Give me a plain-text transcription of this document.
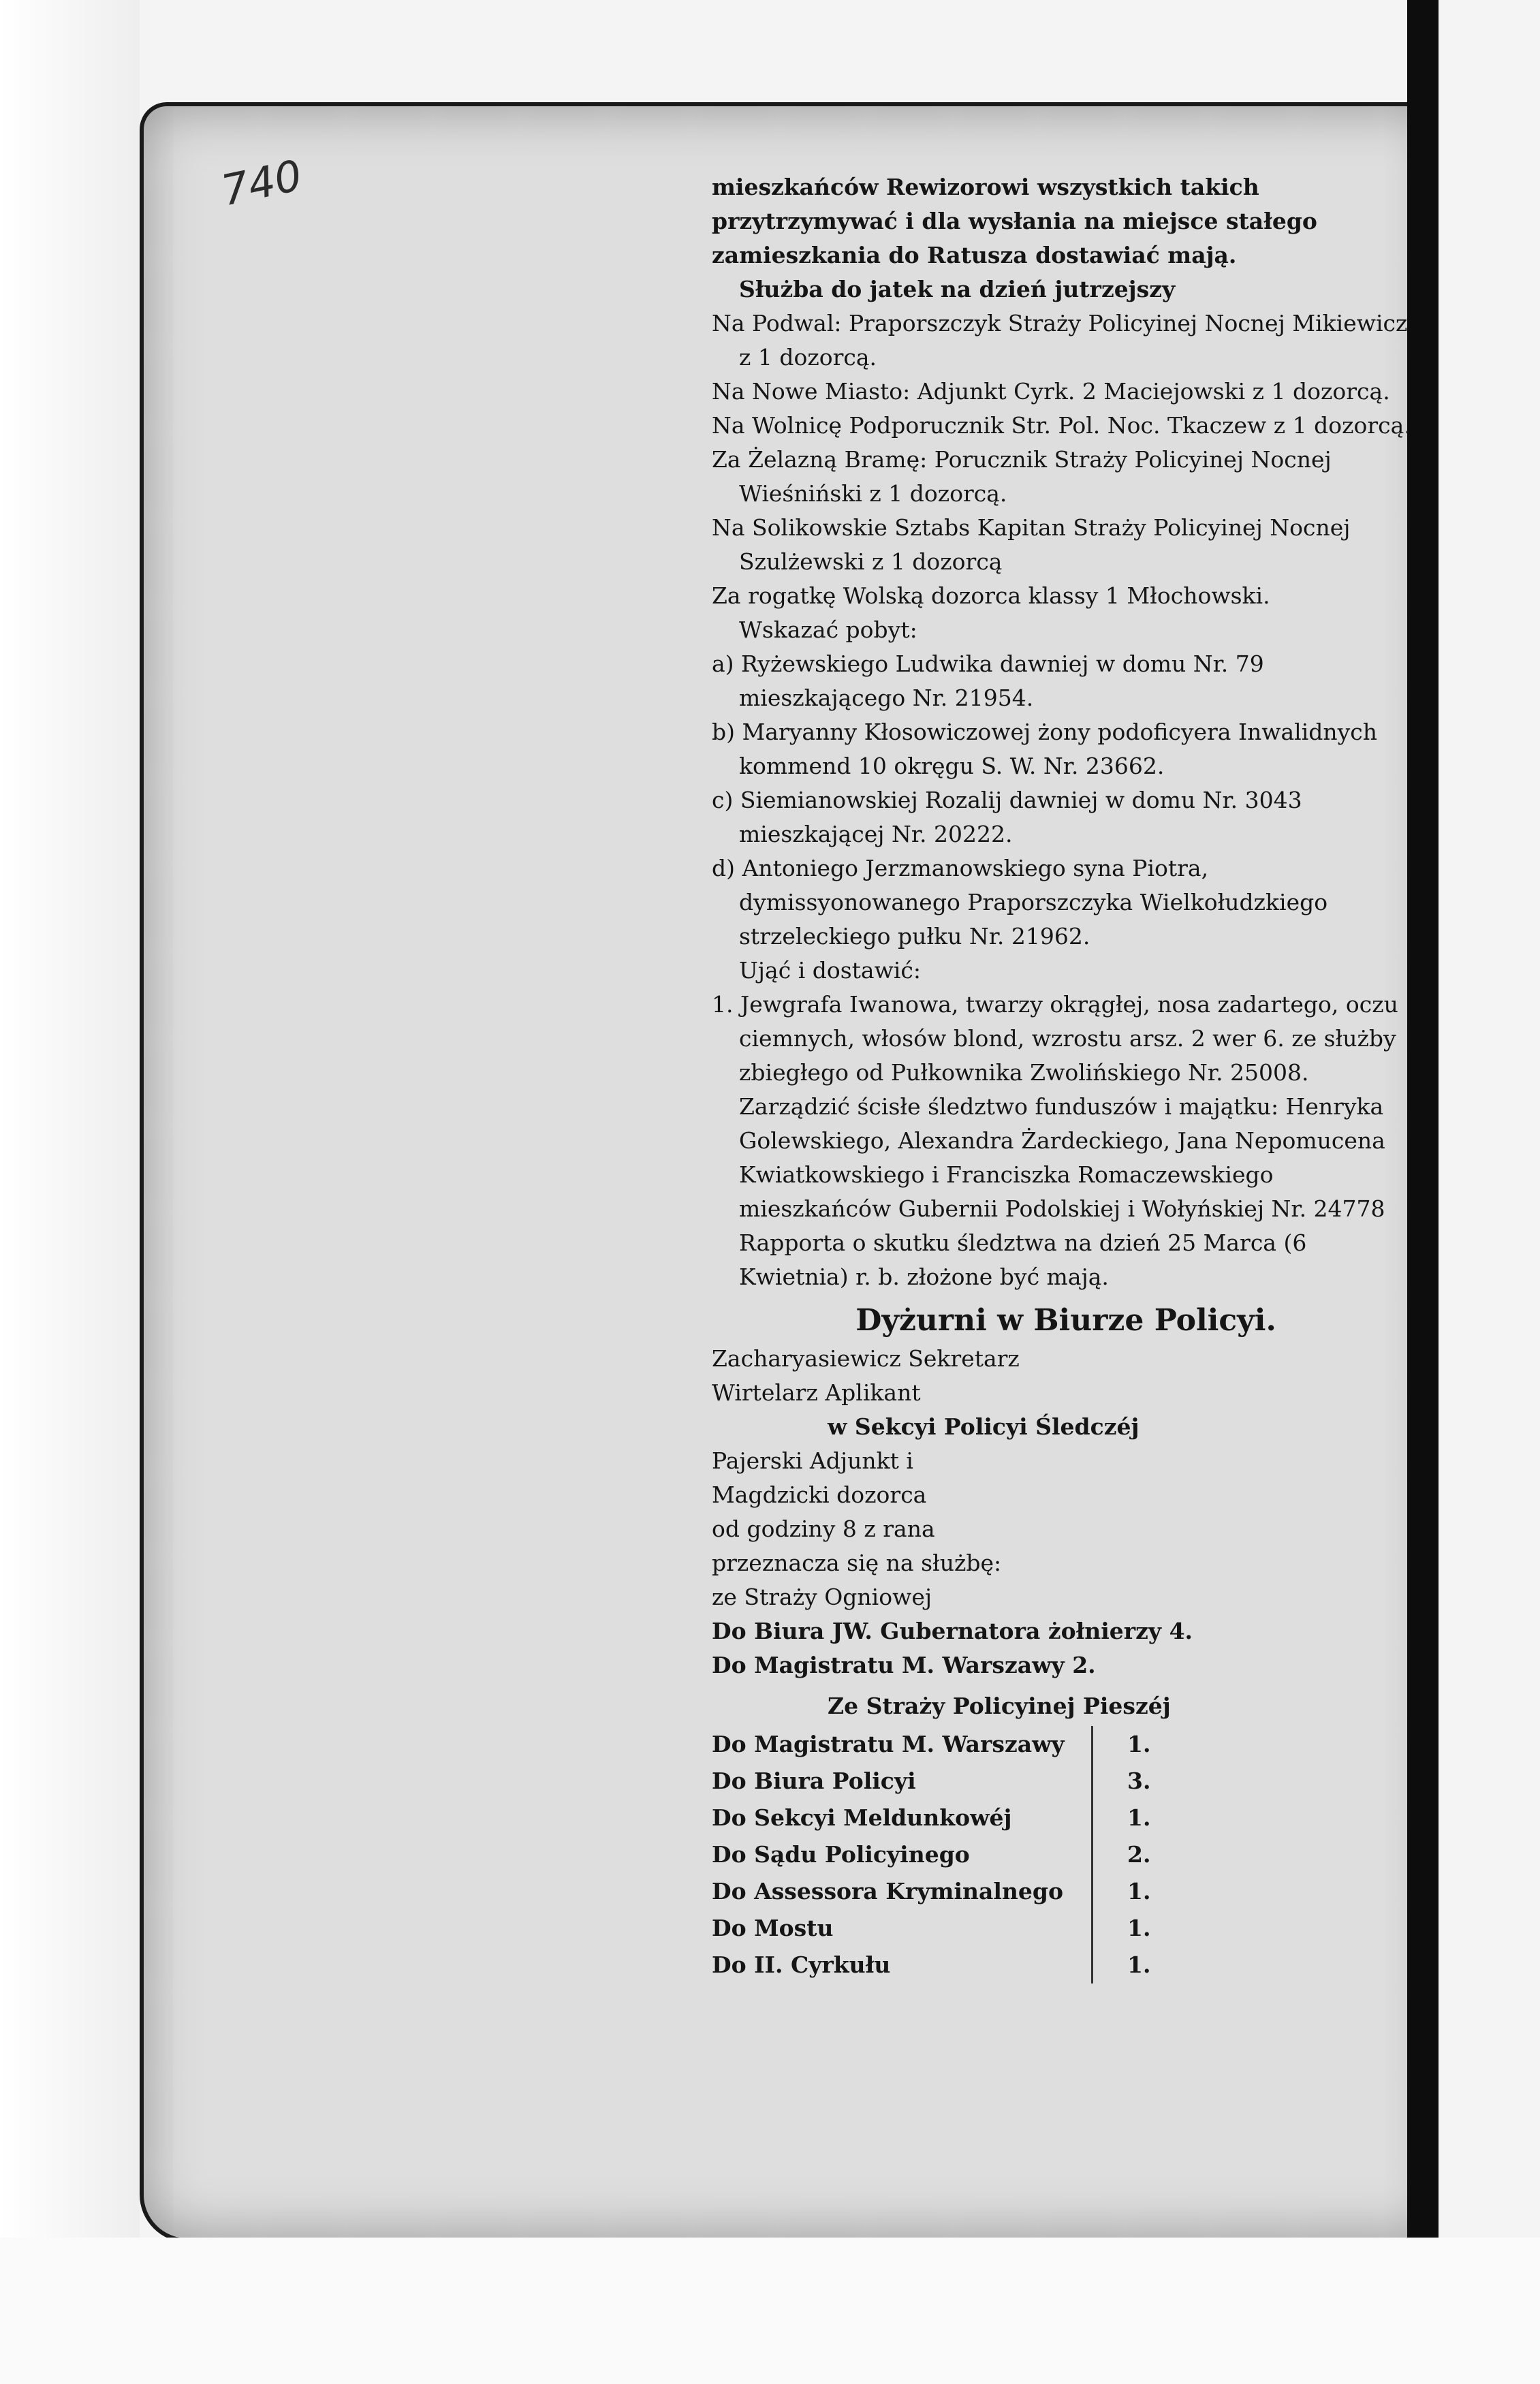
740	mieszkańców Rewizorowi wszystkich takich przytrzymywać i dla wysłania na miejsce stałego zamieszkania do Ratusza dostawiać mają.

Służba do jatek na dzień jutrzejszy

Na Podwal: Praporszczyk Straży Policyinej Nocnej Mikiewicz z 1 dozorcą.

Na Nowe Miasto: Adjunkt Cyrk. 2 Maciejowski z 1 dozorcą.

Na Wolnicę Podporucznik Str. Pol. Noc. Tkaczew z 1 dozorcą.

Za Żelazną Bramę: Porucznik Straży Policyinej Nocnej Wieśniński z 1 dozorcą.

Na Solikowskie Sztabs Kapitan Straży Policyinej Nocnej Szulżewski z 1 dozorcą

Za rogatkę Wolską dozorca klassy 1 Młochowski.

Wskazać pobyt:

a) Ryżewskiego Ludwika dawniej w domu Nr. 79 mieszkającego Nr. 21954.

b) Maryanny Kłosowiczowej żony podoficyera Inwalidnych kommend 10 okręgu S. W. Nr. 23662.

c) Siemianowskiej Rozalij dawniej w domu Nr. 3043 mieszkającej Nr. 20222.

d) Antoniego Jerzmanowskiego syna Piotra, dymissyonowanego Praporszczyka Wielkołudzkiego strzeleckiego pułku Nr. 21962.

Ująć i dostawić:

1. Jewgrafa Iwanowa, twarzy okrągłej, nosa zadartego, oczu ciemnych, włosów blond, wzrostu arsz. 2 wer 6. ze służby zbiegłego od Pułkownika Zwolińskiego Nr. 25008.

Zarządzić ścisłe śledztwo funduszów i majątku: Henryka Golewskiego, Alexandra Żardeckiego, Jana Nepomucena Kwiatkowskiego i Franciszka Romaczewskiego mieszkańców Gubernii Podolskiej i Wołyńskiej Nr. 24778

Rapporta o skutku śledztwa na dzień 25 Marca (6 Kwietnia) r. b. złożone być mają.

Dyżurni w Biurze Policyi.

Zacharyasiewicz Sekretarz

Wirtelarz Aplikant

w Sekcyi Policyi Śledczéj

Pajerski Adjunkt i

Magdzicki dozorca

od godziny 8 z rana

przeznacza się na służbę:

ze Straży Ogniowej

Do Biura JW. Gubernatora żołnierzy 4.

Do Magistratu M. Warszawy 2.

Ze Straży Policyinej Pieszéj

Do Magistratu M. Warszawy	1.
Do Biura Policyi	3.
Do Sekcyi Meldunkowéj	1.
Do Sądu Policyinego	2.
Do Assessora Kryminalnego	1.
Do Mostu	1.
Do II. Cyrkułu	1.
